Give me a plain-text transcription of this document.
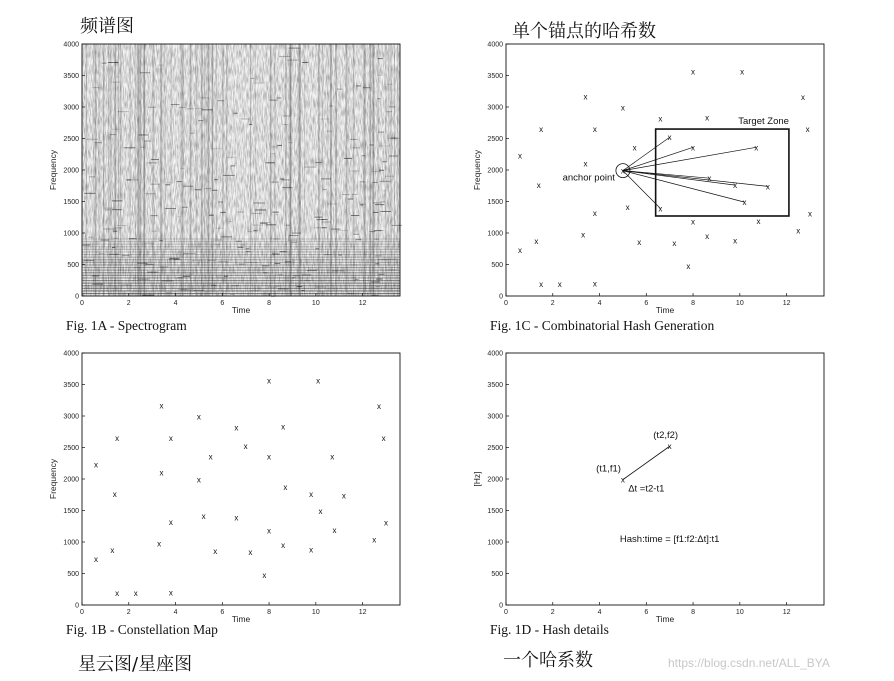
频谱图	单个锚点的哈希数
星云图/星座图	一个哈系数	https://blog.csdn.net/ALL_BYA
0	2	4	6	8	10	12
0
500
1000
1500
2000
2500
3000
3500
4000
Fig. 1A - Spectrogram
Time
Frequency
0	2	4	6	8	10	12
0
500
1000
1500
2000
2500
3000
3500
4000
x
x
x
x
x
x x
x
x
x
x
x
x
x
x
x
x
x
x
x
x
x
x
x
x
x
x
x
x
x
x
x
x
x
x
x
x
x
x
x
Fig. 1B - Constellation Map
Time
Frequency
0	2	4	6	8	10	12
0
500
1000
1500
2000
2500
3000
3500
4000
x
x
x
x
x
x x
x
x
x
x
x
x
x
x
x
x
x
x
x
x
x
x
x
x
x
x
x
x
x
x
x
x
x
x
x
x
x
x
x
Target Zone
anchor point
Fig. 1C - Combinatorial Hash Generation
Time
Frequency
0	2	4	6	8	10	12
0
500
1000
1500
2000
2500
3000
3500
4000
x
x
(t1,f1)
(t2,f2)
Δt =t2-t1
Hash:time = [f1:f2:Δt]:t1
Fig. 1D - Hash details
Time
[Hz]
